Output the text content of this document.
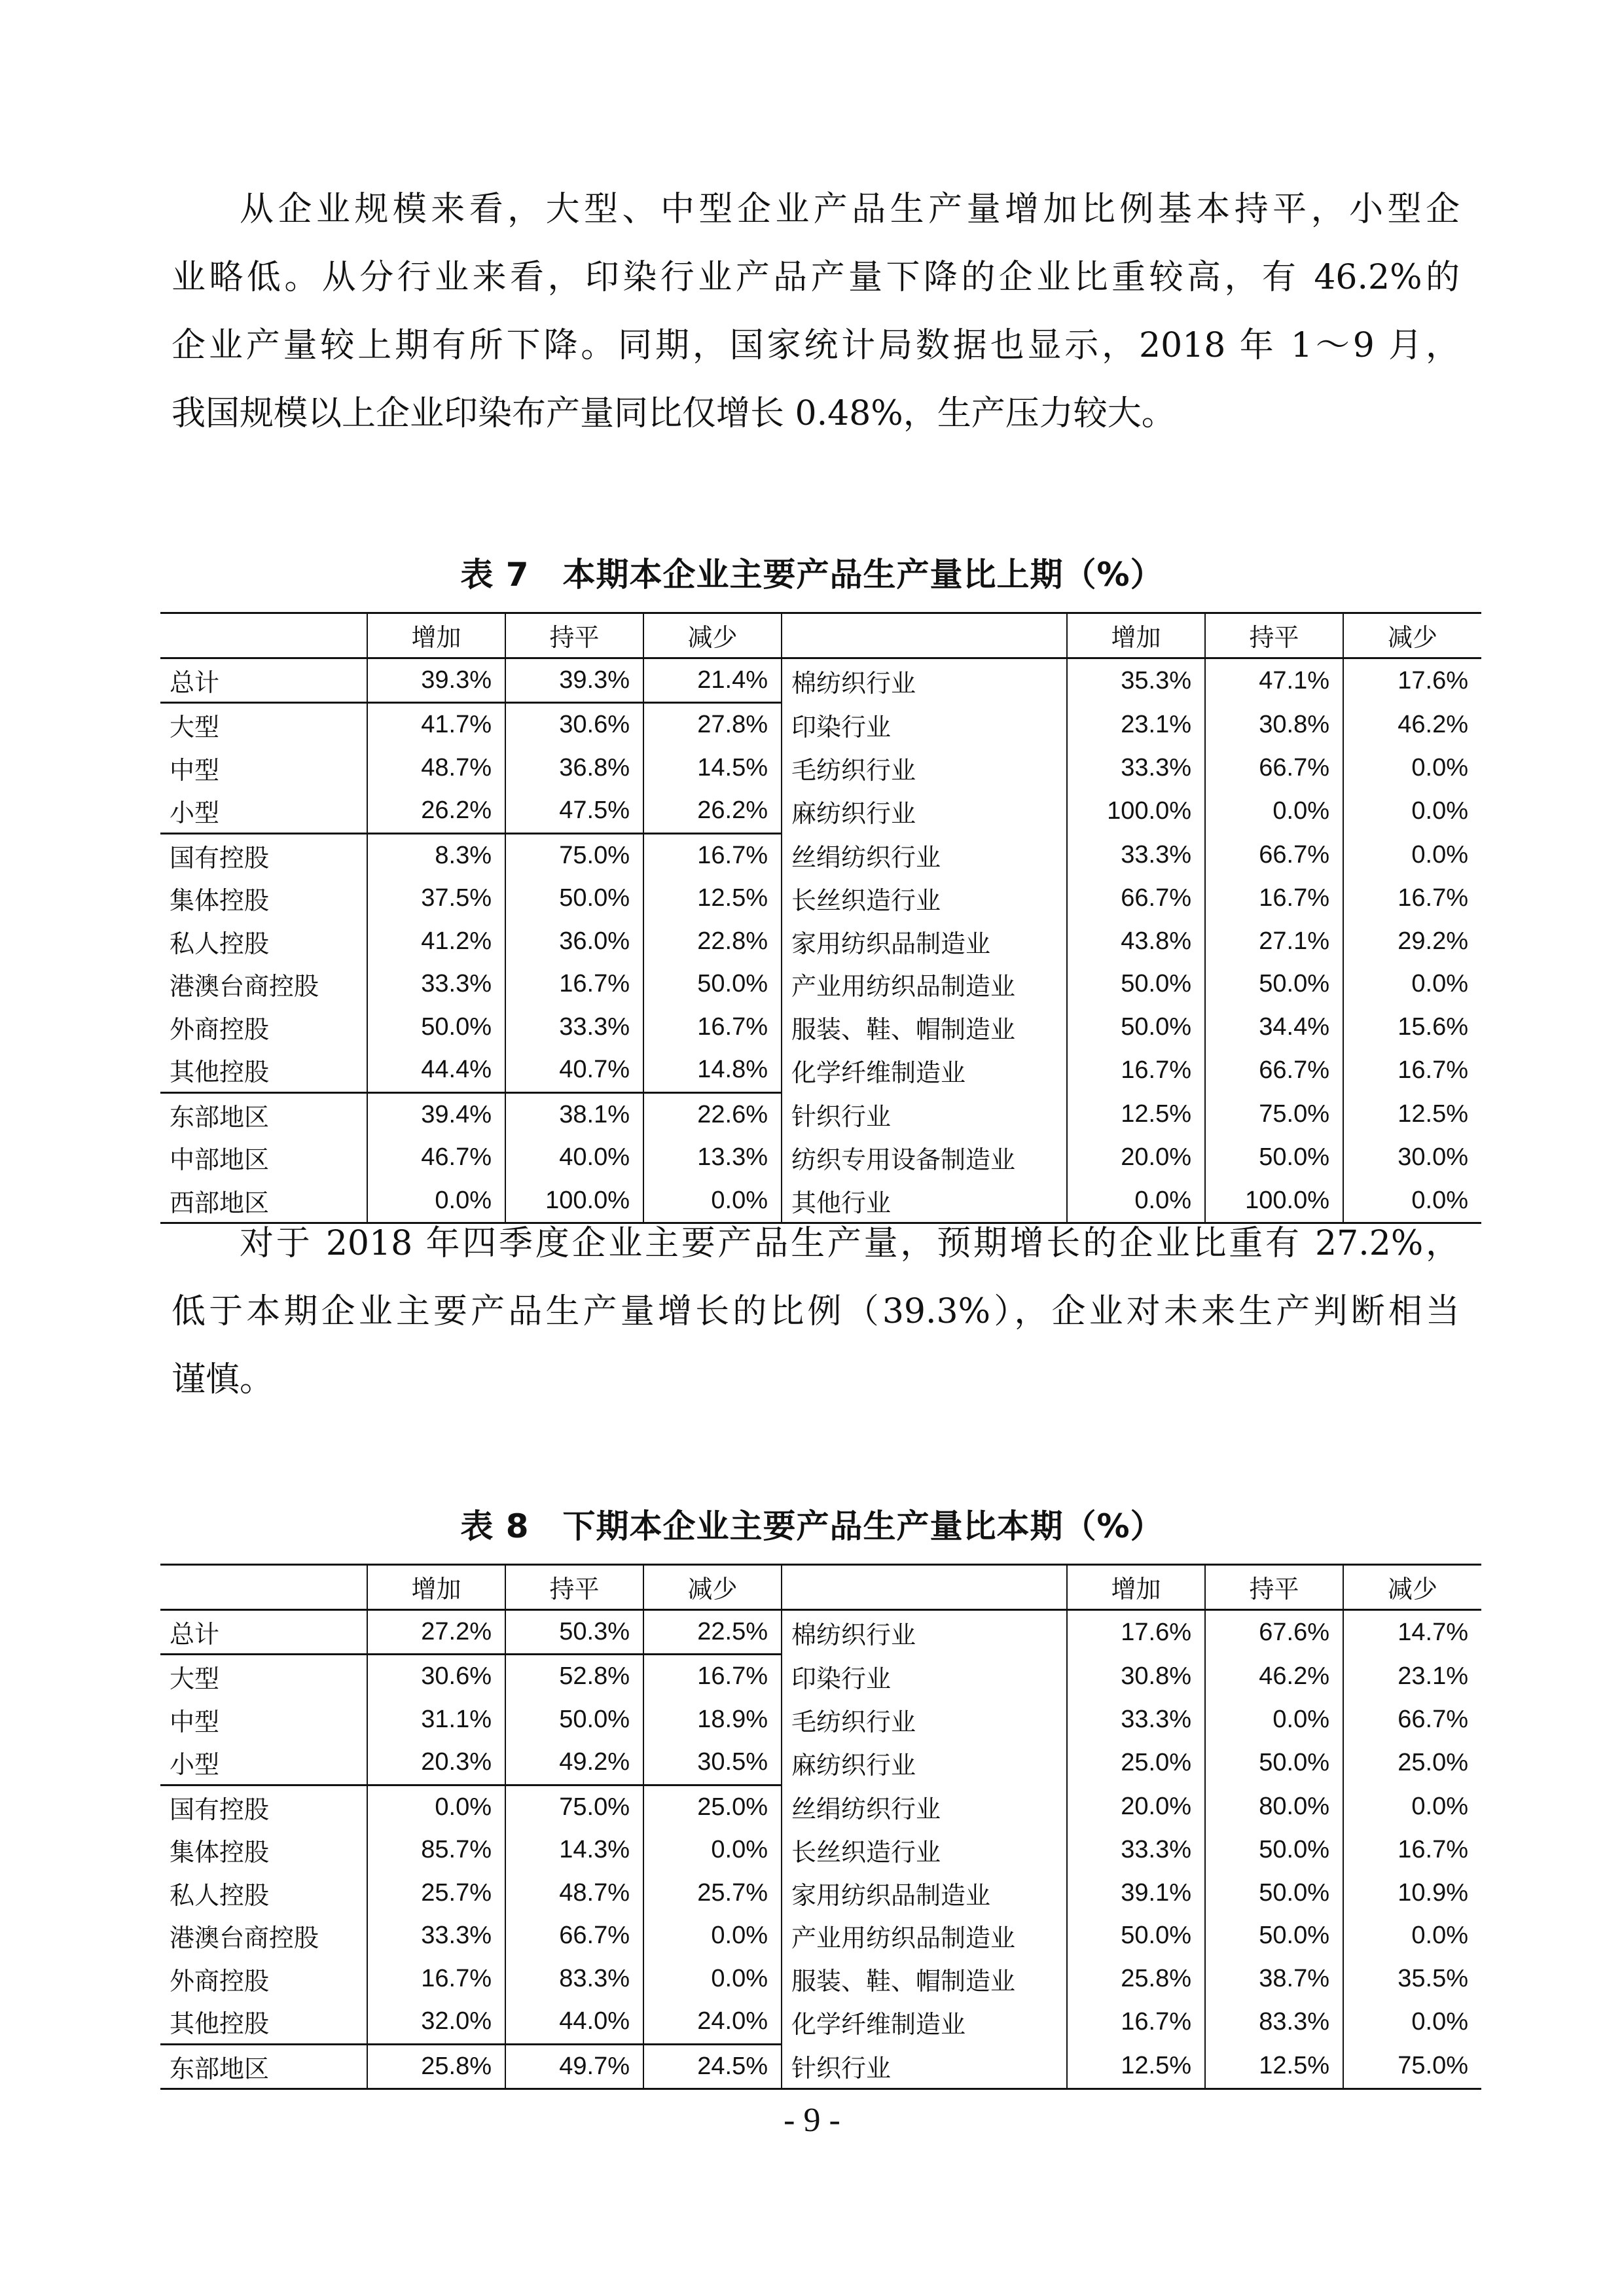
从企业规模来看，大型、中型企业产品生产量增加比例基本持平，小型企
业略低。从分行业来看，印染行业产品产量下降的企业比重较高，有 46.2%的
企业产量较上期有所下降。同期，国家统计局数据也显示，2018 年 1～9 月，
我国规模以上企业印染布产量同比仅增长 0.48%，生产压力较大。
表 7　本期本企业主要产品生产量比上期（%）
	增加	持平	减少		增加	持平	减少
总计	39.3%	39.3%	21.4%	棉纺织行业	35.3%	47.1%	17.6%
大型	41.7%	30.6%	27.8%	印染行业	23.1%	30.8%	46.2%
中型	48.7%	36.8%	14.5%	毛纺织行业	33.3%	66.7%	0.0%
小型	26.2%	47.5%	26.2%	麻纺织行业	100.0%	0.0%	0.0%
国有控股	8.3%	75.0%	16.7%	丝绢纺织行业	33.3%	66.7%	0.0%
集体控股	37.5%	50.0%	12.5%	长丝织造行业	66.7%	16.7%	16.7%
私人控股	41.2%	36.0%	22.8%	家用纺织品制造业	43.8%	27.1%	29.2%
港澳台商控股	33.3%	16.7%	50.0%	产业用纺织品制造业	50.0%	50.0%	0.0%
外商控股	50.0%	33.3%	16.7%	服装、鞋、帽制造业	50.0%	34.4%	15.6%
其他控股	44.4%	40.7%	14.8%	化学纤维制造业	16.7%	66.7%	16.7%
东部地区	39.4%	38.1%	22.6%	针织行业	12.5%	75.0%	12.5%
中部地区	46.7%	40.0%	13.3%	纺织专用设备制造业	20.0%	50.0%	30.0%
西部地区	0.0%	100.0%	0.0%	其他行业	0.0%	100.0%	0.0%
对于 2018 年四季度企业主要产品生产量，预期增长的企业比重有 27.2%，
低于本期企业主要产品生产量增长的比例（39.3%），企业对未来生产判断相当
谨慎。
表 8　下期本企业主要产品生产量比本期（%）
	增加	持平	减少		增加	持平	减少
总计	27.2%	50.3%	22.5%	棉纺织行业	17.6%	67.6%	14.7%
大型	30.6%	52.8%	16.7%	印染行业	30.8%	46.2%	23.1%
中型	31.1%	50.0%	18.9%	毛纺织行业	33.3%	0.0%	66.7%
小型	20.3%	49.2%	30.5%	麻纺织行业	25.0%	50.0%	25.0%
国有控股	0.0%	75.0%	25.0%	丝绢纺织行业	20.0%	80.0%	0.0%
集体控股	85.7%	14.3%	0.0%	长丝织造行业	33.3%	50.0%	16.7%
私人控股	25.7%	48.7%	25.7%	家用纺织品制造业	39.1%	50.0%	10.9%
港澳台商控股	33.3%	66.7%	0.0%	产业用纺织品制造业	50.0%	50.0%	0.0%
外商控股	16.7%	83.3%	0.0%	服装、鞋、帽制造业	25.8%	38.7%	35.5%
其他控股	32.0%	44.0%	24.0%	化学纤维制造业	16.7%	83.3%	0.0%
东部地区	25.8%	49.7%	24.5%	针织行业	12.5%	12.5%	75.0%
- 9 -
